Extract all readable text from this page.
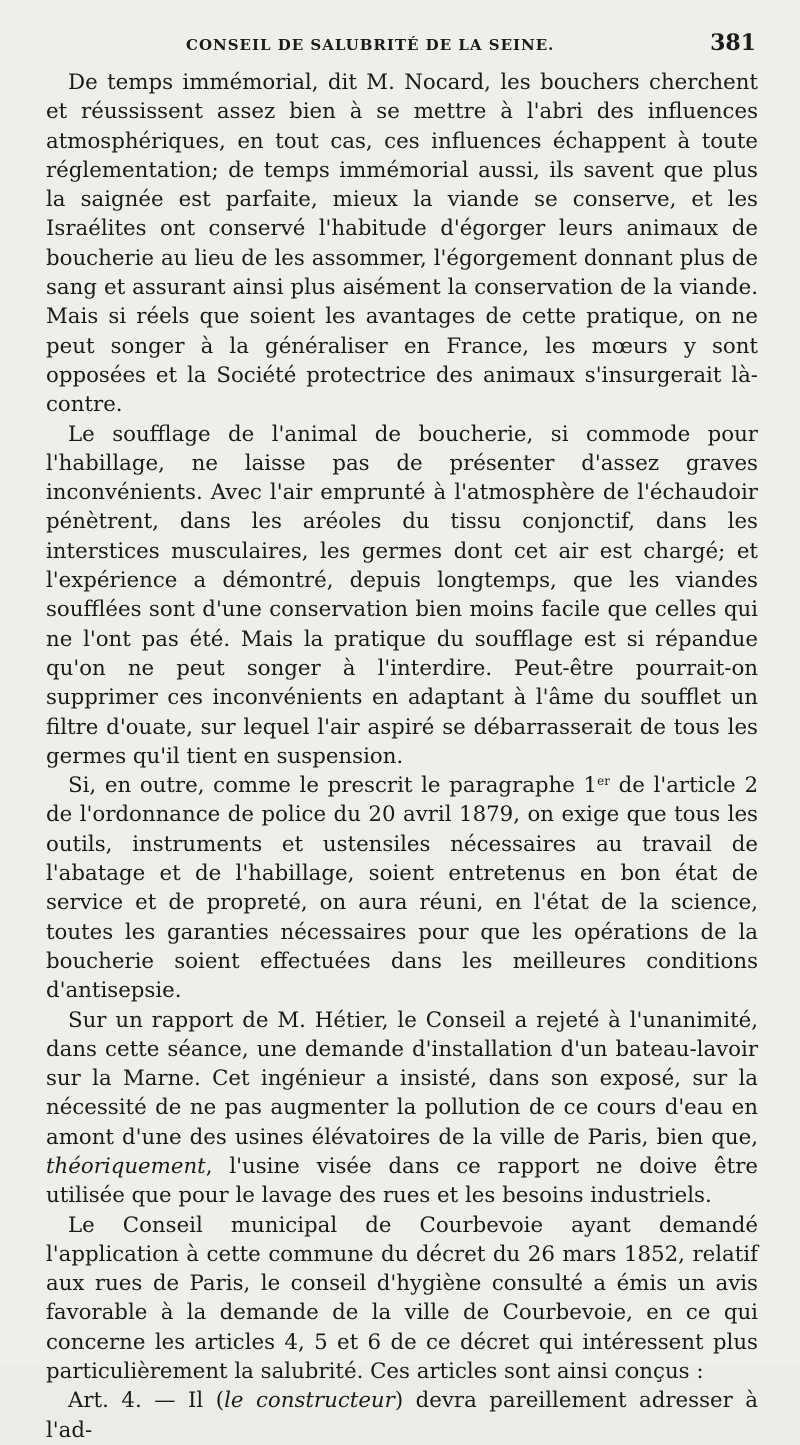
CONSEIL DE SALUBRITÉ DE LA SEINE.	381

De temps immémorial, dit M. Nocard, les bouchers cherchent et réussissent assez bien à se mettre à l'abri des influences atmosphériques, en tout cas, ces influences échappent à toute réglementation; de temps immémorial aussi, ils savent que plus la saignée est parfaite, mieux la viande se conserve, et les Israélites ont conservé l'habitude d'égorger leurs animaux de boucherie au lieu de les assommer, l'égorgement donnant plus de sang et assurant ainsi plus aisément la conservation de la viande. Mais si réels que soient les avantages de cette pratique, on ne peut songer à la généraliser en France, les mœurs y sont opposées et la Société protectrice des animaux s'insurgerait là-contre.

Le soufflage de l'animal de boucherie, si commode pour l'habillage, ne laisse pas de présenter d'assez graves inconvénients. Avec l'air emprunté à l'atmosphère de l'échaudoir pénètrent, dans les aréoles du tissu conjonctif, dans les interstices musculaires, les germes dont cet air est chargé; et l'expérience a démontré, depuis longtemps, que les viandes soufflées sont d'une conservation bien moins facile que celles qui ne l'ont pas été. Mais la pratique du soufflage est si répandue qu'on ne peut songer à l'interdire. Peut-être pourrait-on supprimer ces inconvénients en adaptant à l'âme du soufflet un filtre d'ouate, sur lequel l'air aspiré se débarrasserait de tous les germes qu'il tient en suspension.

Si, en outre, comme le prescrit le paragraphe 1er de l'article 2 de l'ordonnance de police du 20 avril 1879, on exige que tous les outils, instruments et ustensiles nécessaires au travail de l'abatage et de l'habillage, soient entretenus en bon état de service et de propreté, on aura réuni, en l'état de la science, toutes les garanties nécessaires pour que les opérations de la boucherie soient effectuées dans les meilleures conditions d'antisepsie.

Sur un rapport de M. Hétier, le Conseil a rejeté à l'unanimité, dans cette séance, une demande d'installation d'un bateau-lavoir sur la Marne. Cet ingénieur a insisté, dans son exposé, sur la nécessité de ne pas augmenter la pollution de ce cours d'eau en amont d'une des usines élévatoires de la ville de Paris, bien que, théoriquement, l'usine visée dans ce rapport ne doive être utilisée que pour le lavage des rues et les besoins industriels.

Le Conseil municipal de Courbevoie ayant demandé l'application à cette commune du décret du 26 mars 1852, relatif aux rues de Paris, le conseil d'hygiène consulté a émis un avis favorable à la demande de la ville de Courbevoie, en ce qui concerne les articles 4, 5 et 6 de ce décret qui intéressent plus particulièrement la salubrité. Ces articles sont ainsi conçus :

Art. 4. — Il (le constructeur) devra pareillement adresser à l'ad-
